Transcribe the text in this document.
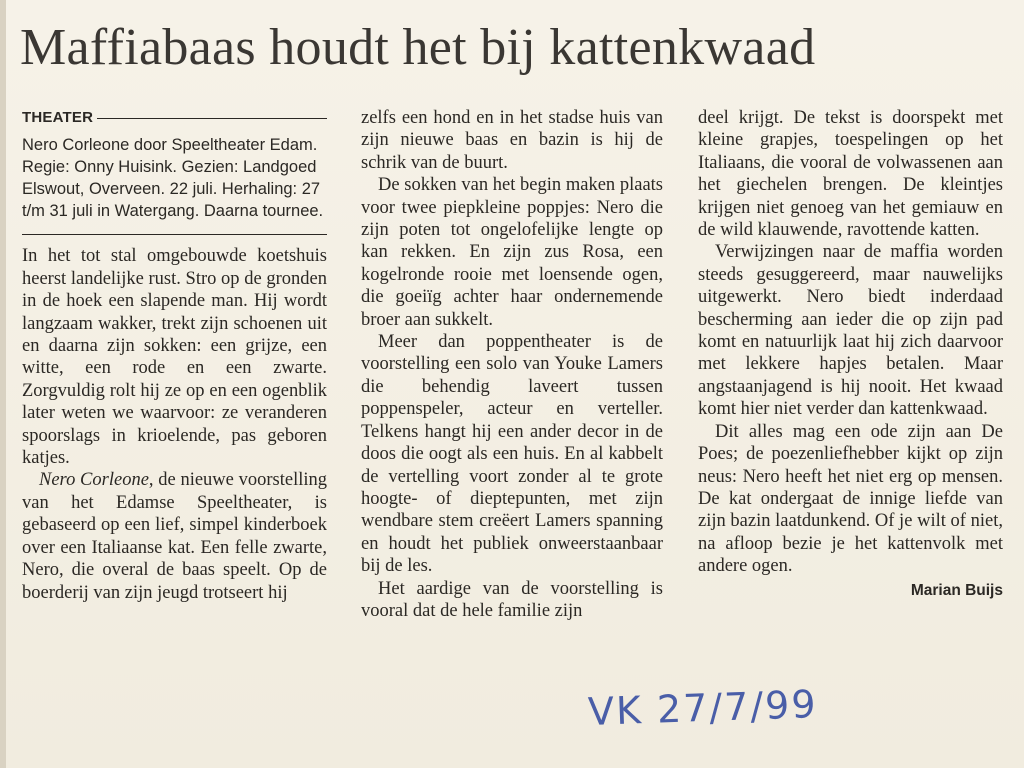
Maffiabaas houdt het bij kattenkwaad
THEATER
Nero Corleone door Speeltheater Edam. Regie: Onny Huisink. Gezien: Landgoed Elswout, Overveen. 22 juli. Herhaling: 27 t/m 31 juli in Watergang. Daarna tournee.

In het tot stal omgebouwde koetshuis heerst landelijke rust. Stro op de gronden in de hoek een slapende man. Hij wordt langzaam wakker, trekt zijn schoenen uit en daarna zijn sokken: een grijze, een witte, een rode en een zwarte. Zorgvuldig rolt hij ze op en een ogenblik later weten we waarvoor: ze veranderen spoorslags in krioelende, pas geboren katjes.

Nero Corleone, de nieuwe voorstelling van het Edamse Speeltheater, is gebaseerd op een lief, simpel kinderboek over een Italiaanse kat. Een felle zwarte, Nero, die overal de baas speelt. Op de boerderij van zijn jeugd trotseert hij

zelfs een hond en in het stadse huis van zijn nieuwe baas en bazin is hij de schrik van de buurt.

De sokken van het begin maken plaats voor twee piepkleine poppjes: Nero die zijn poten tot ongelofelijke lengte op kan rekken. En zijn zus Rosa, een kogelronde rooie met loensende ogen, die goeiïg achter haar ondernemende broer aan sukkelt.

Meer dan poppentheater is de voorstelling een solo van Youke Lamers die behendig laveert tussen poppenspeler, acteur en verteller. Telkens hangt hij een ander decor in de doos die oogt als een huis. En al kabbelt de vertelling voort zonder al te grote hoogte- of dieptepunten, met zijn wendbare stem creëert Lamers spanning en houdt het publiek onweerstaanbaar bij de les.

Het aardige van de voorstelling is vooral dat de hele familie zijn

deel krijgt. De tekst is doorspekt met kleine grapjes, toespelingen op het Italiaans, die vooral de volwassenen aan het giechelen brengen. De kleintjes krijgen niet genoeg van het gemiauw en de wild klauwende, ravottende katten.

Verwijzingen naar de maffia worden steeds gesuggereerd, maar nauwelijks uitgewerkt. Nero biedt inderdaad bescherming aan ieder die op zijn pad komt en natuurlijk laat hij zich daarvoor met lekkere hapjes betalen. Maar angstaanjagend is hij nooit. Het kwaad komt hier niet verder dan kattenkwaad.

Dit alles mag een ode zijn aan De Poes; de poezenliefhebber kijkt op zijn neus: Nero heeft het niet erg op mensen. De kat ondergaat de innige liefde van zijn bazin laatdunkend. Of je wilt of niet, na afloop bezie je het kattenvolk met andere ogen.

Marian Buijs
VK 27/7/99
